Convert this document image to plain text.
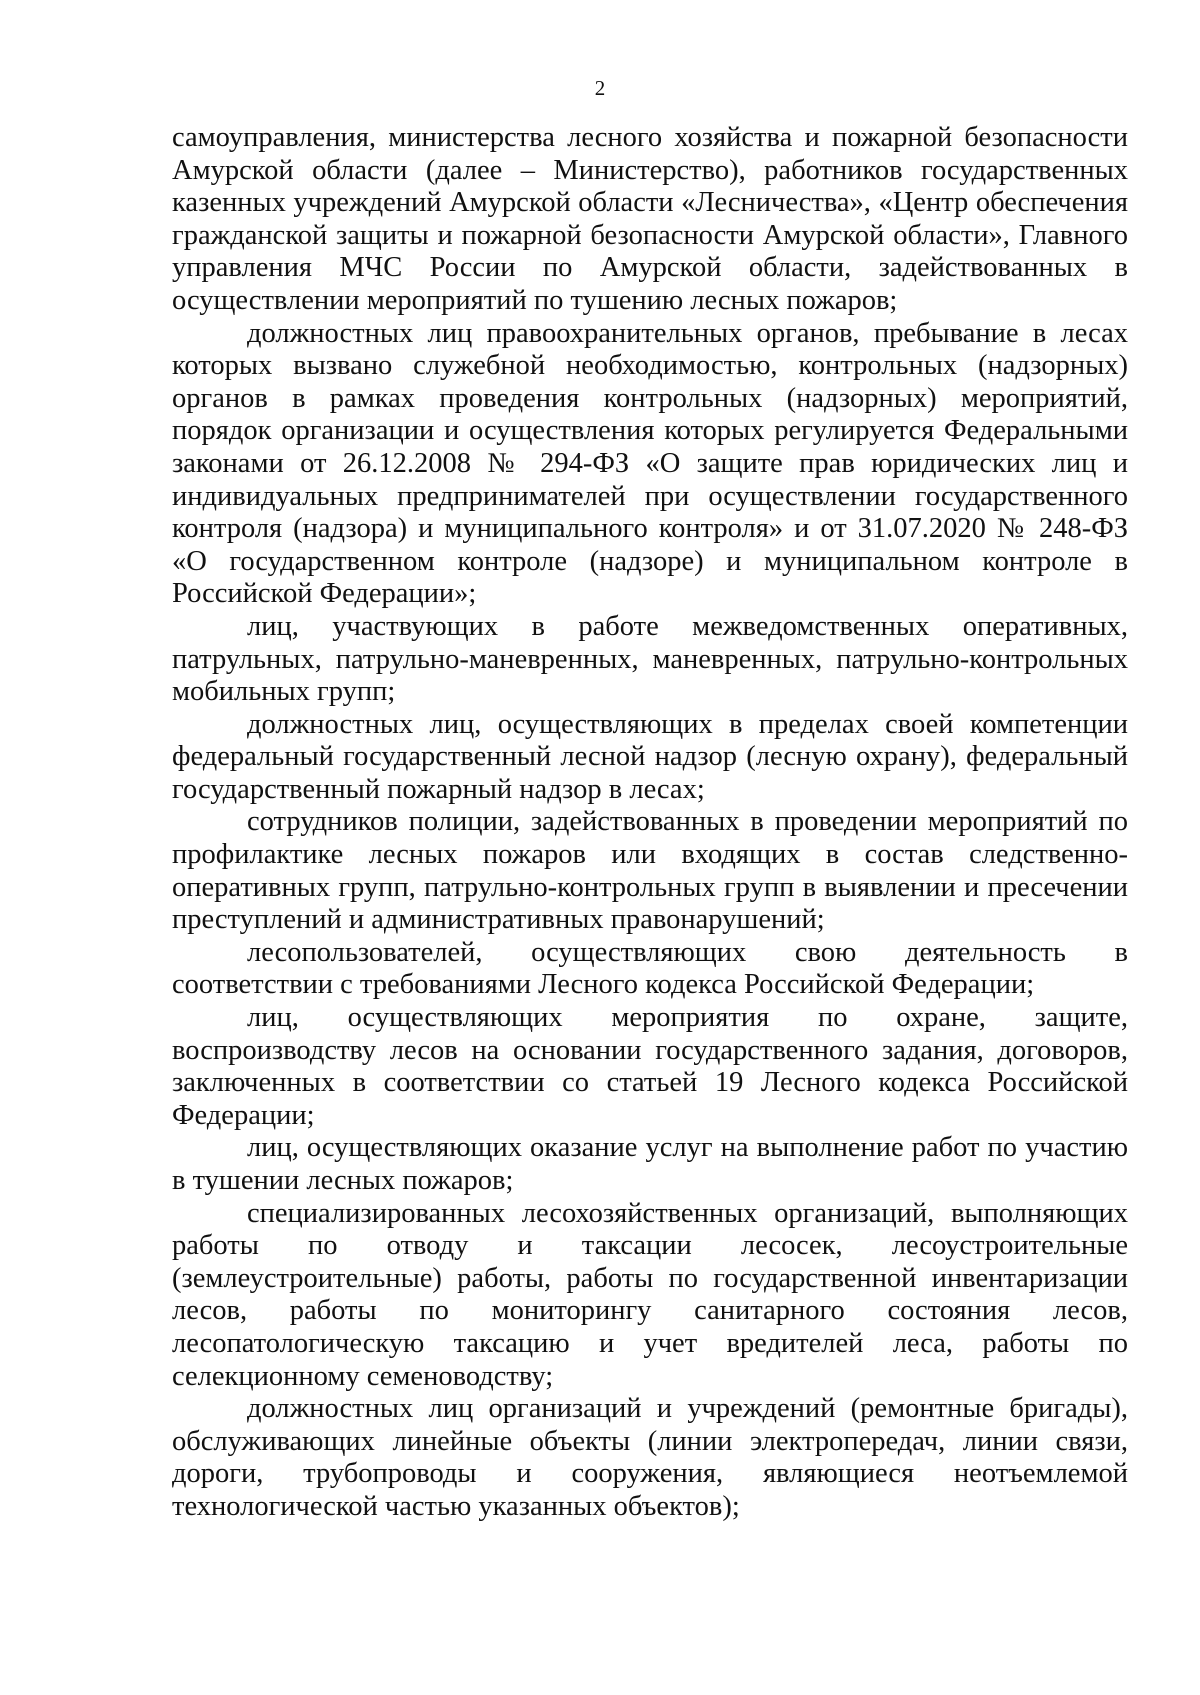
2

самоуправления, министерства лесного хозяйства и пожарной безопасности Амурской области (далее – Министерство), работников государственных казенных учреждений Амурской области «Лесничества», «Центр обеспечения гражданской защиты и пожарной безопасности Амурской области», Главного управления МЧС России по Амурской области, задействованных в осуществлении мероприятий по тушению лесных пожаров;

должностных лиц правоохранительных органов, пребывание в лесах которых вызвано служебной необходимостью, контрольных (надзорных) органов в рамках проведения контрольных (надзорных) мероприятий, порядок организации и осуществления которых регулируется Федеральными законами от 26.12.2008 № 294-ФЗ «О защите прав юридических лиц и индивидуальных предпринимателей при осуществлении государственного контроля (надзора) и муниципального контроля» и от 31.07.2020 № 248-ФЗ «О государственном контроле (надзоре) и муниципальном контроле в Российской Федерации»;

лиц, участвующих в работе межведомственных оперативных, патрульных, патрульно-маневренных, маневренных, патрульно-контрольных мобильных групп;

должностных лиц, осуществляющих в пределах своей компетенции федеральный государственный лесной надзор (лесную охрану), федеральный государственный пожарный надзор в лесах;

сотрудников полиции, задействованных в проведении мероприятий по профилактике лесных пожаров или входящих в состав следственно-оперативных групп, патрульно-контрольных групп в выявлении и пресечении преступлений и административных правонарушений;

лесопользователей, осуществляющих свою деятельность в соответствии с требованиями Лесного кодекса Российской Федерации;

лиц, осуществляющих мероприятия по охране, защите, воспроизводству лесов на основании государственного задания, договоров, заключенных в соответствии со статьей 19 Лесного кодекса Российской Федерации;

лиц, осуществляющих оказание услуг на выполнение работ по участию в тушении лесных пожаров;

специализированных лесохозяйственных организаций, выполняющих работы по отводу и таксации лесосек, лесоустроительные (землеустроительные) работы, работы по государственной инвентаризации лесов, работы по мониторингу санитарного состояния лесов, лесопатологическую таксацию и учет вредителей леса, работы по селекционному семеноводству;

должностных лиц организаций и учреждений (ремонтные бригады), обслуживающих линейные объекты (линии электропередач, линии связи, дороги, трубопроводы и сооружения, являющиеся неотъемлемой технологической частью указанных объектов);
